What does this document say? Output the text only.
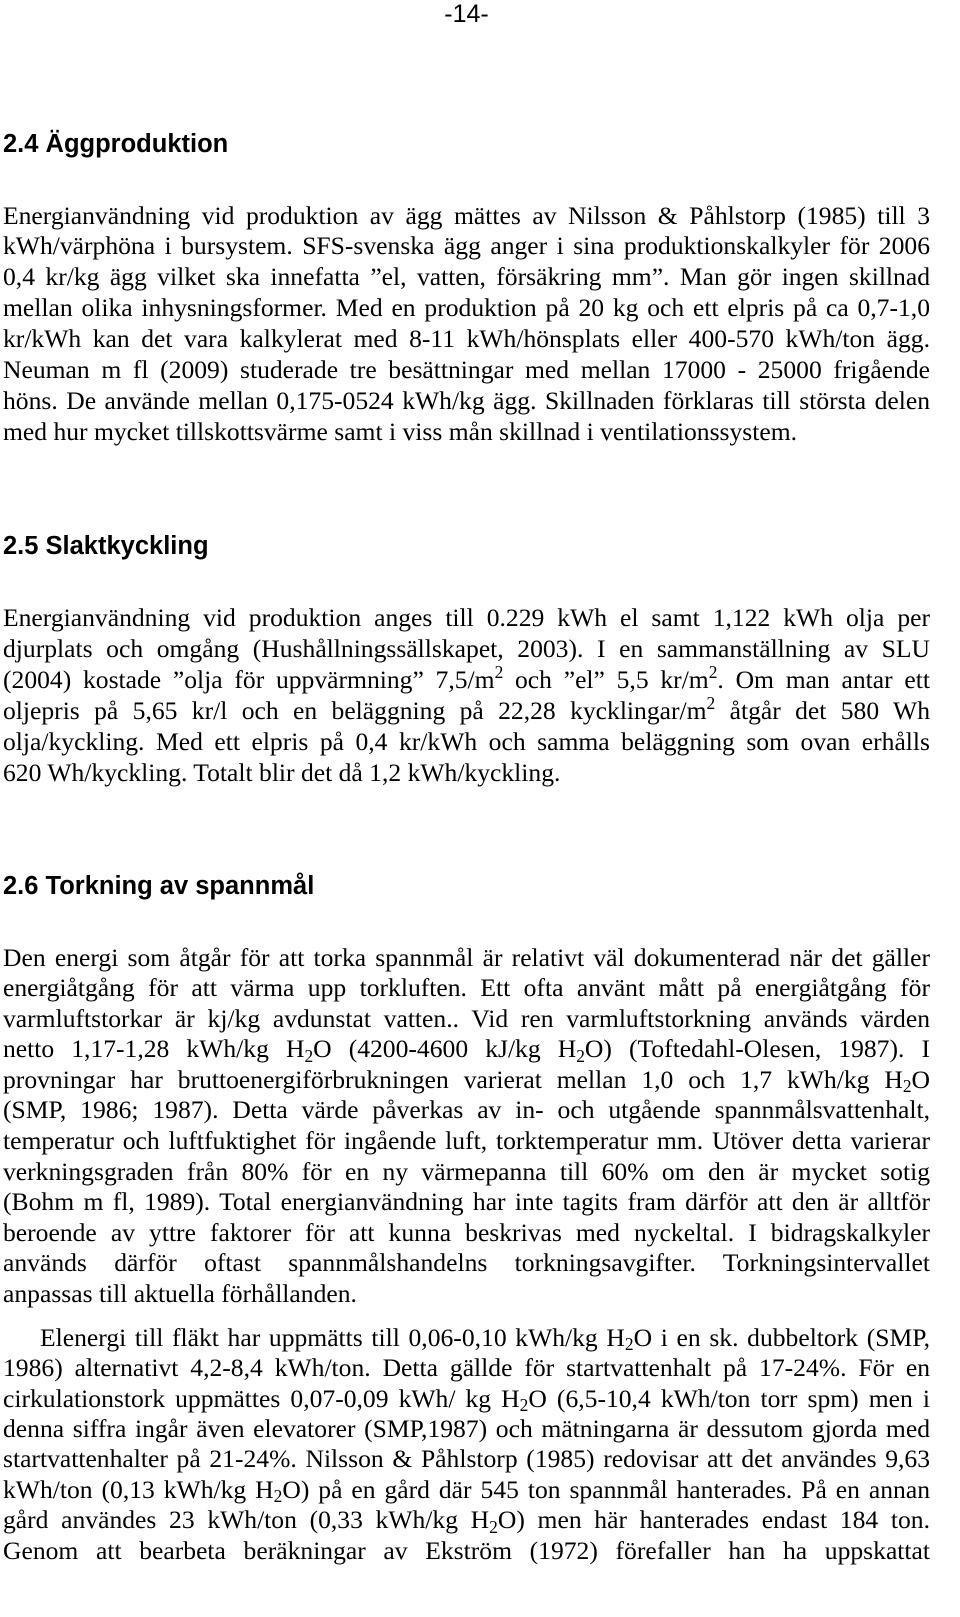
-14-
2.4 Äggproduktion
Energianvändning vid produktion av ägg mättes av Nilsson & Påhlstorp (1985) till 3
kWh/värphöna i bursystem. SFS-svenska ägg anger i sina produktionskalkyler för 2006
0,4 kr/kg ägg vilket ska innefatta ”el, vatten, försäkring mm”. Man gör ingen skillnad
mellan olika inhysningsformer. Med en produktion på 20 kg och ett elpris på ca 0,7-1,0
kr/kWh kan det vara kalkylerat med 8-11 kWh/hönsplats eller 400-570 kWh/ton ägg.
Neuman m fl (2009) studerade tre besättningar med mellan 17000 - 25000 frigående
höns. De använde mellan 0,175-0524 kWh/kg ägg. Skillnaden förklaras till största delen
med hur mycket tillskottsvärme samt i viss mån skillnad i ventilationssystem.
2.5 Slaktkyckling
Energianvändning vid produktion anges till 0.229 kWh el samt 1,122 kWh olja per
djurplats och omgång (Hushållningssällskapet, 2003). I en sammanställning av SLU
(2004) kostade ”olja för uppvärmning” $7,5/m^2$ och ”el” 5,5 $kr/m^2$. Om man antar ett
oljepris på 5,65 kr/l och en beläggning på 22,28 kycklingar/$m^2$ åtgår det 580 Wh
olja/kyckling. Med ett elpris på 0,4 kr/kWh och samma beläggning som ovan erhålls
620 Wh/kyckling. Totalt blir det då 1,2 kWh/kyckling.
2.6 Torkning av spannmål
Den energi som åtgår för att torka spannmål är relativt väl dokumenterad när det gäller
energiåtgång för att värma upp torkluften. Ett ofta använt mått på energiåtgång för
varmluftstorkar är kj/kg avdunstat vatten.. Vid ren varmluftstorkning används värden
netto 1,17-1,28 kWh/kg $H_2O$ (4200-4600 kJ/kg $H_2O$) (Toftedahl-Olesen, 1987). I
provningar har bruttoenergiförbrukningen varierat mellan 1,0 och 1,7 kWh/kg $H_2O$
(SMP, 1986; 1987). Detta värde påverkas av in- och utgående spannmålsvattenhalt,
temperatur och luftfuktighet för ingående luft, torktemperatur mm. Utöver detta varierar
verkningsgraden från 80% för en ny värmepanna till 60% om den är mycket sotig
(Bohm m fl, 1989). Total energianvändning har inte tagits fram därför att den är alltför
beroende av yttre faktorer för att kunna beskrivas med nyckeltal. I bidragskalkyler
används därför oftast spannmålshandelns torkningsavgifter. Torkningsintervallet
anpassas till aktuella förhållanden.
Elenergi till fläkt har uppmätts till 0,06-0,10 kWh/kg $H_2O$ i en sk. dubbeltork (SMP,
1986) alternativt 4,2-8,4 kWh/ton. Detta gällde för startvattenhalt på 17-24%. För en
cirkulationstork uppmättes 0,07-0,09 kWh/ kg $H_2O$ (6,5-10,4 kWh/ton torr spm) men i
denna siffra ingår även elevatorer (SMP,1987) och mätningarna är dessutom gjorda med
startvattenhalter på 21-24%. Nilsson & Påhlstorp (1985) redovisar att det användes 9,63
kWh/ton (0,13 kWh/kg $H_2O$) på en gård där 545 ton spannmål hanterades. På en annan
gård användes 23 kWh/ton (0,33 kWh/kg $H_2O$) men här hanterades endast 184 ton.
Genom att bearbeta beräkningar av Ekström (1972) förefaller han ha uppskattat
